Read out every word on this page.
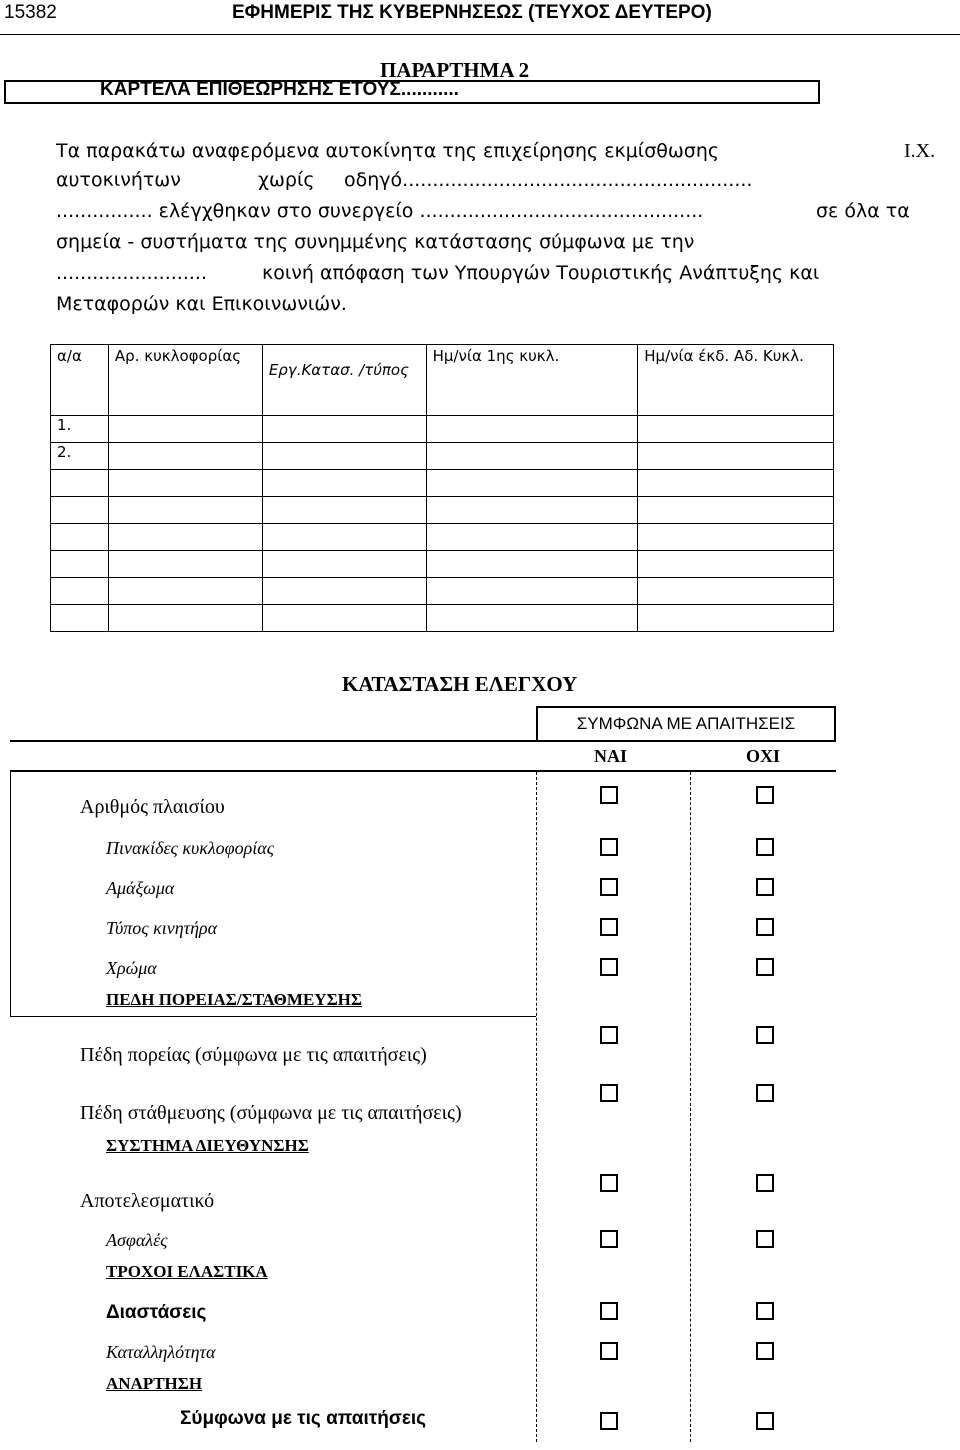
15382	ΕΦΗΜΕΡΙΣ ΤΗΣ ΚΥΒΕΡΝΗΣΕΩΣ (ΤΕΥΧΟΣ ΔΕΥΤΕΡΟ)
ΠΑΡΑΡΤΗΜΑ 2
ΚΑΡΤΕΛΑ ΕΠΙΘΕΩΡΗΣΗΣ ΕΤΟΥΣ...........
Τα παρακάτω αναφερόμενα αυτοκίνητα της επιχείρησης εκμίσθωσης	Ι.Χ.
αυτοκινήτων	χωρίς οδηγό..........................................................
................ ελέγχθηκαν στο συνεργείο ...............................................	σε όλα τα
σημεία - συστήματα της συνημμένης κατάστασης σύμφωνα με την
.........................	κοινή απόφαση των Υπουργών Τουριστικής Ανάπτυξης και
Μεταφορών και Επικοινωνιών.
α/α	Αρ. κυκλοφορίας	Εργ.Κατασ. /τύπος	Ημ/νία 1ης κυκλ.	Ημ/νία έκδ. Αδ. Κυκλ.
1.				
2.				

ΚΑΤΑΣΤΑΣΗ ΕΛΕΓΧΟΥ
ΣΥΜΦΩΝΑ ΜΕ ΑΠΑΙΤΗΣΕΙΣ
ΝΑΙ	ΟΧΙ
Αριθμός πλαισίου
Πινακίδες κυκλοφορίας
Αμάξωμα
Τύπος κινητήρα
Χρώμα
ΠΕΔΗ ΠΟΡΕΙΑΣ/ΣΤΑΘΜΕΥΣΗΣ
Πέδη πορείας (σύμφωνα με τις απαιτήσεις)
Πέδη στάθμευσης (σύμφωνα με τις απαιτήσεις)
ΣΥΣΤΗΜΑ ΔΙΕΥΘΥΝΣΗΣ
Αποτελεσματικό
Ασφαλές
ΤΡΟΧΟΙ ΕΛΑΣΤΙΚΑ
Διαστάσεις
Καταλληλότητα
ΑΝΑΡΤΗΣΗ
Σύμφωνα με τις απαιτήσεις
